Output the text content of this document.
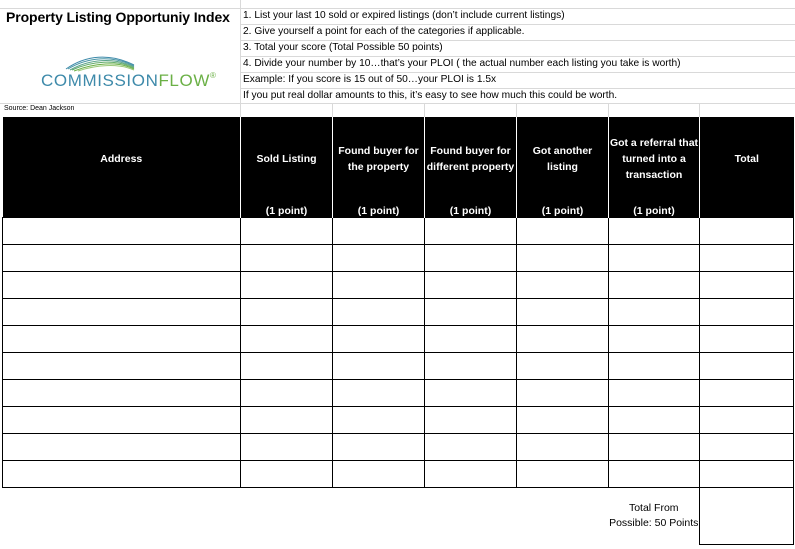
Property Listing Opportuniy Index 1. List your last 10 sold or expired listings (don’t include current listings)
2. Give yourself a point for each of the categories if applicable.
3. Total your score (Total Possible 50 points)
4. Divide your number by 10…that’s your PLOI ( the actual number each listing you take is worth)
Example: If you score is 15 out of 50…your PLOI is 1.5x
If you put real dollar amounts to this, it’s easy to see how much this could be worth.
COMMISSIONFLOW®
Source: Dean Jackson
Address	Sold Listing	Found buyer for the property	Found buyer for different property	Got another listing	Got a referral that turned into a transaction	Total
	(1 point)	(1 point)	(1 point)	(1 point)	(1 point)	

					Total From Possible: 50 Points	
